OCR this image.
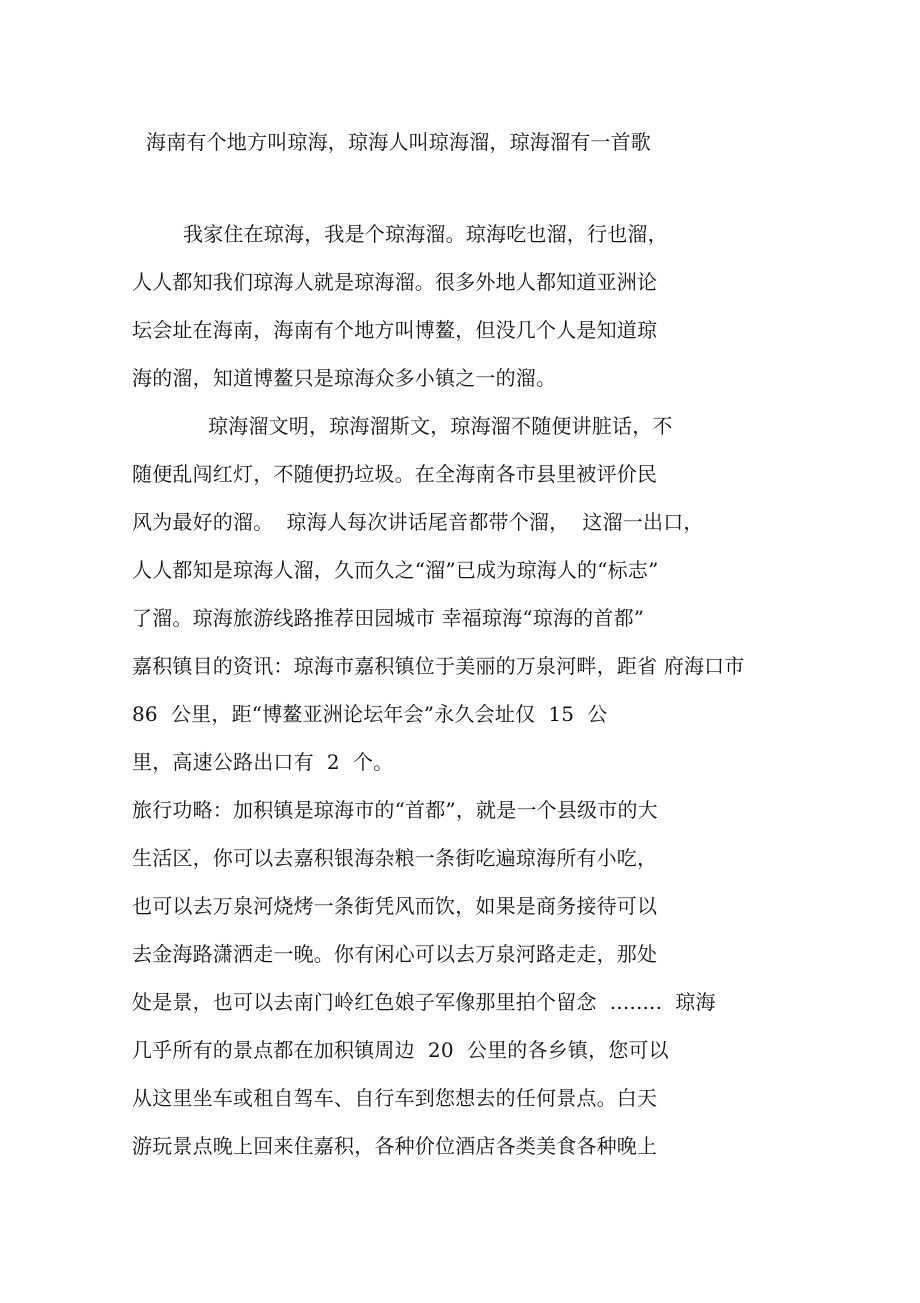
海南有个地方叫琼海，琼海人叫琼海溜，琼海溜有一首歌
我家住在琼海，我是个琼海溜。琼海吃也溜，行也溜，
人人都知我们琼海人就是琼海溜。很多外地人都知道亚洲论
坛会址在海南，海南有个地方叫博鳌，但没几个人是知道琼
海的溜，知道博鳌只是琼海众多小镇之一的溜。
琼海溜文明，琼海溜斯文，琼海溜不随便讲脏话，不
随便乱闯红灯，不随便扔垃圾。在全海南各市县里被评价民
风为最好的溜。  琼海人每次讲话尾音都带个溜，  这溜一出口，
人人都知是琼海人溜，久而久之“溜”已成为琼海人的“标志”
了溜。琼海旅游线路推荐田园城市 幸福琼海“琼海的首都”
嘉积镇目的资讯：琼海市嘉积镇位于美丽的万泉河畔，距省 府海口市
86  公里，距“博鳌亚洲论坛年会”永久会址仅  15  公
里，高速公路出口有  2  个。
旅行功略：加积镇是琼海市的“首都”，就是一个县级市的大
生活区，你可以去嘉积银海杂粮一条街吃遍琼海所有小吃，
也可以去万泉河烧烤一条街凭风而饮，如果是商务接待可以
去金海路潇洒走一晚。你有闲心可以去万泉河路走走，那处
处是景，也可以去南门岭红色娘子军像那里拍个留念  ........  琼海
几乎所有的景点都在加积镇周边  20  公里的各乡镇，您可以
从这里坐车或租自驾车、自行车到您想去的任何景点。白天
游玩景点晚上回来住嘉积，各种价位酒店各类美食各种晚上
